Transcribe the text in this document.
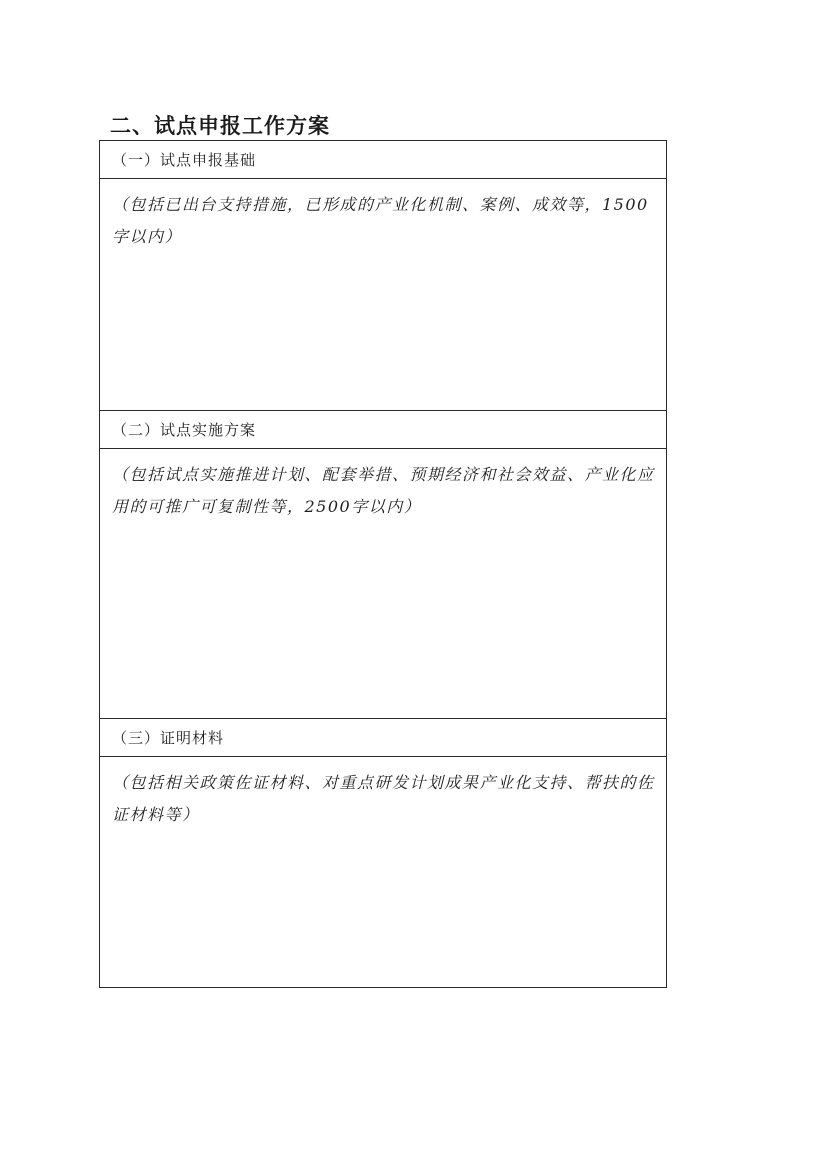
二、试点申报工作方案
（一）试点申报基础
（包括已出台支持措施，已形成的产业化机制、案例、成效等，1500字以内）
（二）试点实施方案
（包括试点实施推进计划、配套举措、预期经济和社会效益、产业化应用的可推广可复制性等，2500字以内）
（三）证明材料
（包括相关政策佐证材料、对重点研发计划成果产业化支持、帮扶的佐证材料等）
